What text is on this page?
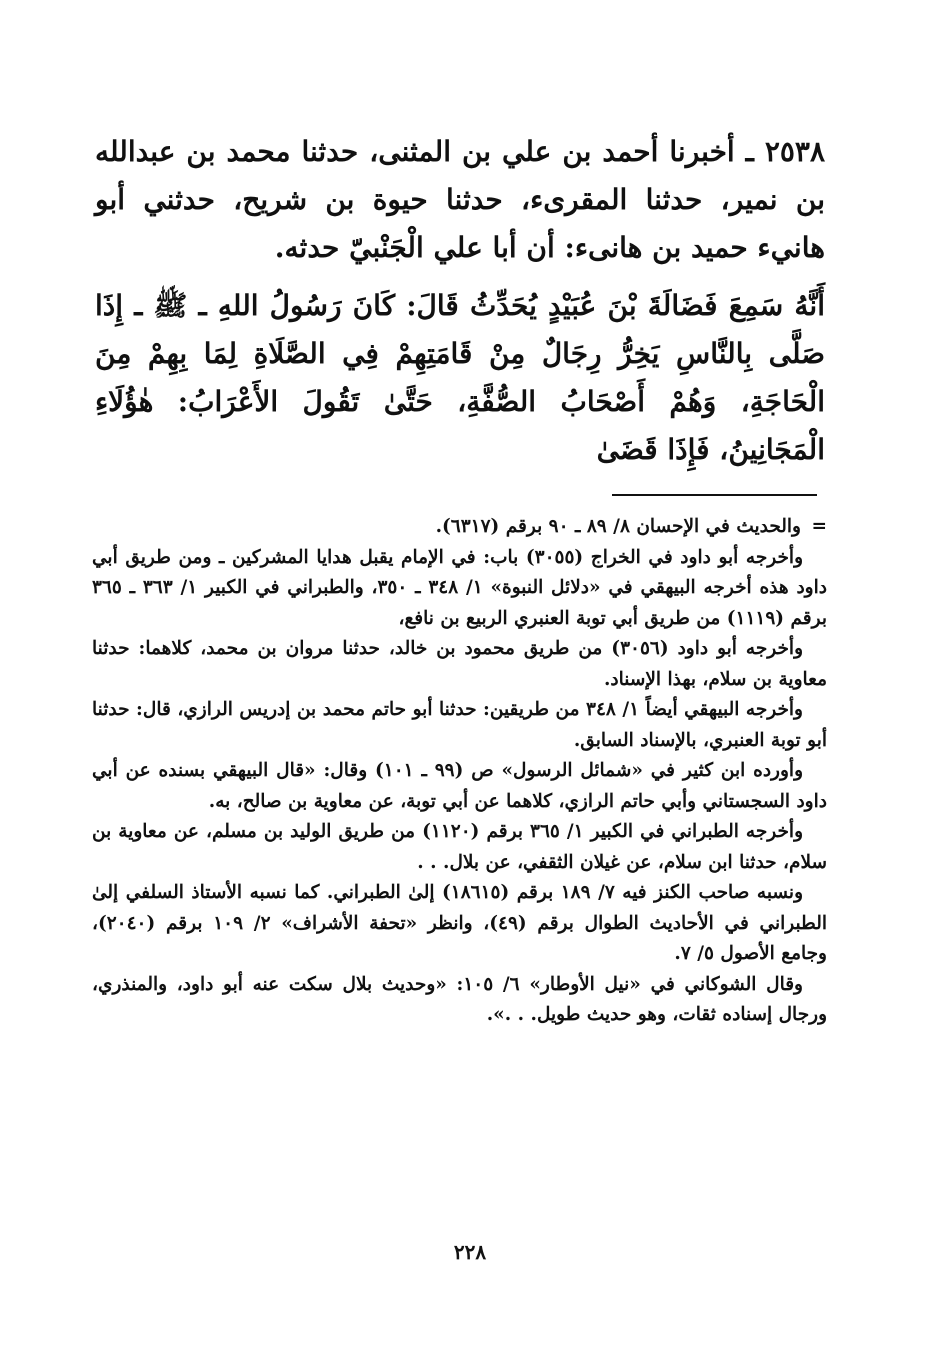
٢٥٣٨ ـ أخبرنا أحمد بن علي بن المثنى، حدثنا محمد بن عبدالله بن نمير، حدثنا المقرىء، حدثنا حيوة بن شريح، حدثني أبو هانيء حميد بن هانىء: أن أبا علي الْجَنْبيّ حدثه.

أَنَّهُ سَمِعَ فَضَالَةَ بْنَ عُبَيْدٍ يُحَدِّثُ قَالَ: كَانَ رَسُولُ اللهِ ـ ﷺ ـ إِذَا صَلَّى بِالنَّاسِ يَخِرُّ رِجَالٌ مِنْ قَامَتِهِمْ فِي الصَّلَاةِ لِمَا بِهِمْ مِنَ الْحَاجَةِ، وَهُمْ أَصْحَابُ الصُّفَّةِ، حَتَّىٰ تَقُولَ الأَعْرَابُ: هٰؤُلَاءِ الْمَجَانِينُ، فَإِذَا قَضَىٰ

=والحديث في الإحسان ٨/ ٨٩ ـ ٩٠ برقم (٦٣١٧).

وأخرجه أبو داود في الخراج (٣٠٥٥) باب: في الإمام يقبل هدايا المشركين ـ ومن طريق أبي داود هذه أخرجه البيهقي في «دلائل النبوة» ١/ ٣٤٨ ـ ٣٥٠، والطبراني في الكبير ١/ ٣٦٣ ـ ٣٦٥ برقم (١١١٩) من طريق أبي توبة العنبري الربيع بن نافع،

وأخرجه أبو داود (٣٠٥٦) من طريق محمود بن خالد، حدثنا مروان بن محمد، كلاهما: حدثنا معاوية بن سلام، بهذا الإسناد.

وأخرجه البيهقي أيضاً ١/ ٣٤٨ من طريقين: حدثنا أبو حاتم محمد بن إدريس الرازي، قال: حدثنا أبو توبة العنبري، بالإسناد السابق.

وأورده ابن كثير في «شمائل الرسول» ص (٩٩ ـ ١٠١) وقال: «قال البيهقي بسنده عن أبي داود السجستاني وأبي حاتم الرازي، كلاهما عن أبي توبة، عن معاوية بن صالح، به.

وأخرجه الطبراني في الكبير ١/ ٣٦٥ برقم (١١٢٠) من طريق الوليد بن مسلم، عن معاوية بن سلام، حدثنا ابن سلام، عن غيلان الثقفي، عن بلال. . .

ونسبه صاحب الكنز فيه ٧/ ١٨٩ برقم (١٨٦١٥) إلىٰ الطبراني. كما نسبه الأستاذ السلفي إلىٰ الطبراني في الأحاديث الطوال برقم (٤٩)، وانظر «تحفة الأشراف» ٢/ ١٠٩ برقم (٢٠٤٠)، وجامع الأصول ٥/ ٧.

وقال الشوكاني في «نيل الأوطار» ٦/ ١٠٥: «وحديث بلال سكت عنه أبو داود، والمنذري، ورجال إسناده ثقات، وهو حديث طويل. . .».

٢٢٨
